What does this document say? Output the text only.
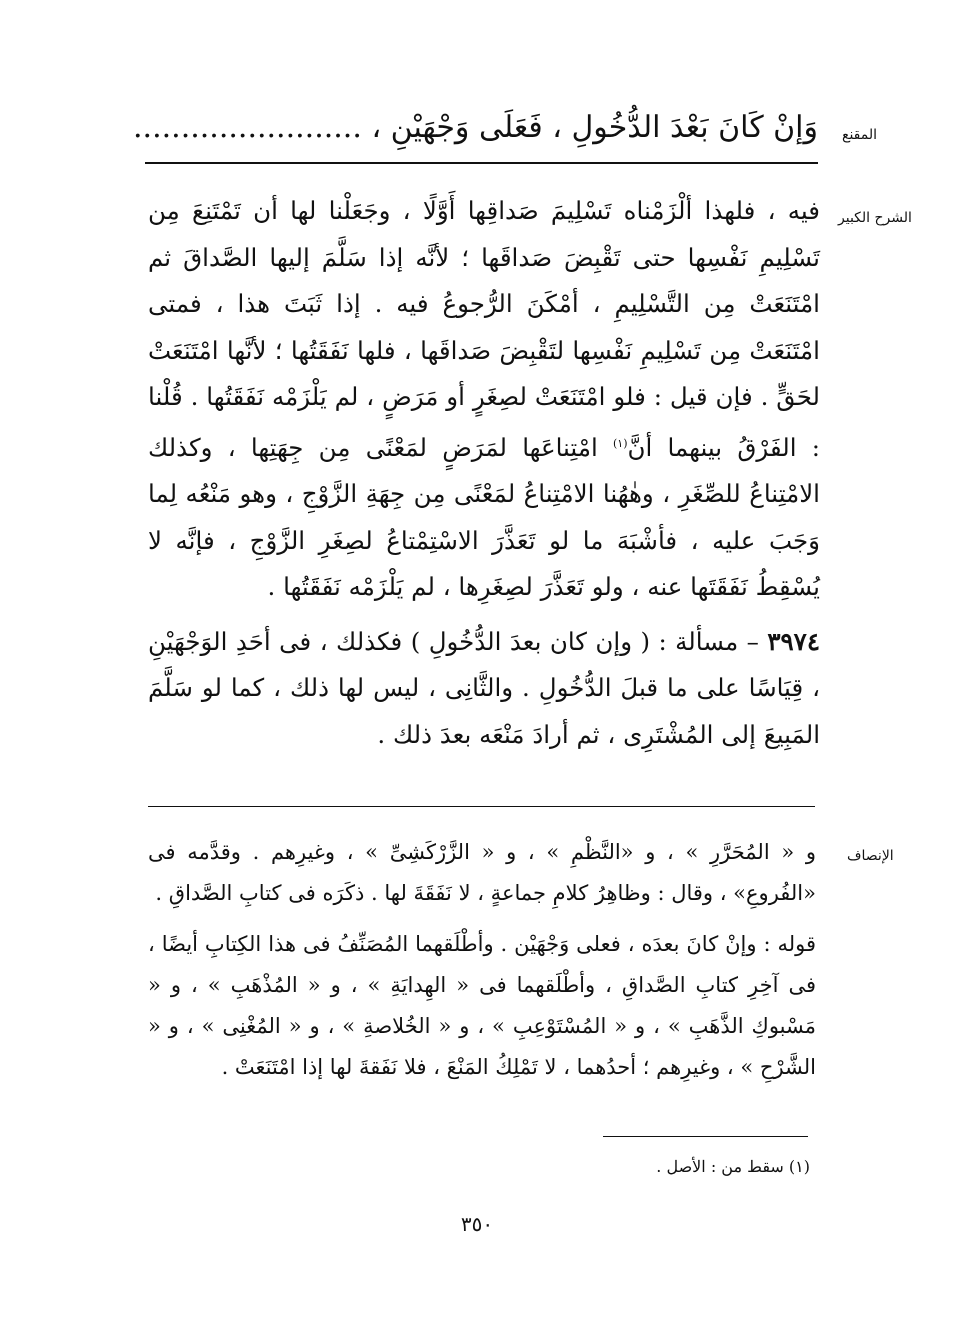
المقنع
وَإنْ كَانَ بَعْدَ الدُّخُولِ ، فَعَلَى وَجْهَيْنِ ، ........................
الشرح الكبير

فيه ، فلهذا ألْزَمْناه تَسْلِيمَ صَداقِها أَوَّلًا ، وجَعَلْنا لها أن تَمْتَنِعَ مِن تَسْلِيمِ نَفْسِها حتى تَقْبِضَ صَداقَها ؛ لأنَّه إذا سَلَّمَ إليها الصَّداقَ ثم امْتَنَعَتْ مِن التَّسْلِيمِ ، أمْكَنَ الرُّجوعُ فيه . إذا ثَبَتَ هذا ، فمتى امْتَنَعَتْ مِن تَسْلِيمِ نَفْسِها لتَقْبِضَ صَداقَها ، فلها نَفَقَتُها ؛ لأنَّها امْتَنَعَتْ لحَقٍّ . فإن قيل : فلو امْتَنَعَتْ لصِغَرٍ أو مَرَضٍ ، لم يَلْزَمْه نَفَقَتُها . قُلْنا : الفَرْقُ بينهما أنَّ$^{(١)}$ امْتِناعَها لمَرَضٍ لمَعْنًى مِن جِهَتِها ، وكذلك الامْتِناعُ للصِّغَرِ ، وهٰهُنا الامْتِناعُ لمَعْنًى مِن جِهَةِ الزَّوْجِ ، وهو مَنْعُه لِما وَجَبَ عليه ، فأشْبَهَ ما لو تَعَذَّرَ الاسْتِمْتاعُ لصِغَرِ الزَّوْجِ ، فإنَّه لا يُسْقِطُ نَفَقَتَها عنه ، ولو تَعَذَّرَ لصِغَرِها ، لم يَلْزَمْه نَفَقَتُها .

٣٩٧٤ – مسألة : ( وإن كان بعدَ الدُّخُولِ ) فكذلك ، فى أحَدِ الوَجْهَيْنِ ، قِيَاسًا على ما قبلَ الدُّخُولِ . والثَّانِى ، ليس لها ذلك ، كما لو سَلَّمَ المَبِيعَ إلى المُشْتَرِى ، ثم أرادَ مَنْعَه بعدَ ذلك .

الإنصاف

و « المُحَرَّرِ » ، و «النَّظْمِ » ، و « الزَّرْكَشِىِّ » ، وغيرِهم . وقدَّمه فى «الفُروعِ» ، وقال : وظاهِرُ كلامِ جماعةٍ ، لا نَفَقَةَ لها . ذكَرَه فى كتابِ الصَّداقِ .

قوله : وإنْ كانَ بعدَه ، فعلى وَجْهَيْن . وأطْلَقهما المُصَنِّفُ فى هذا الكِتابِ أيضًا ، فى آخِرِ كتابِ الصَّداقِ ، وأطْلَقهما فى « الهِدايَةِ » ، و « المُذْهَبِ » ، و « مَسْبوكِ الذَّهَبِ » ، و « المُسْتَوْعِبِ » ، و « الخُلاصةِ » ، و « المُغْنِى » ، و « الشَّرْحِ » ، وغيرِهم ؛ أحدُهما ، لا تَمْلِكُ المَنْعَ ، فلا نَفَقةَ لها إذا امْتَنَعَتْ .

(١) سقط من : الأصل .
٣٥٠
